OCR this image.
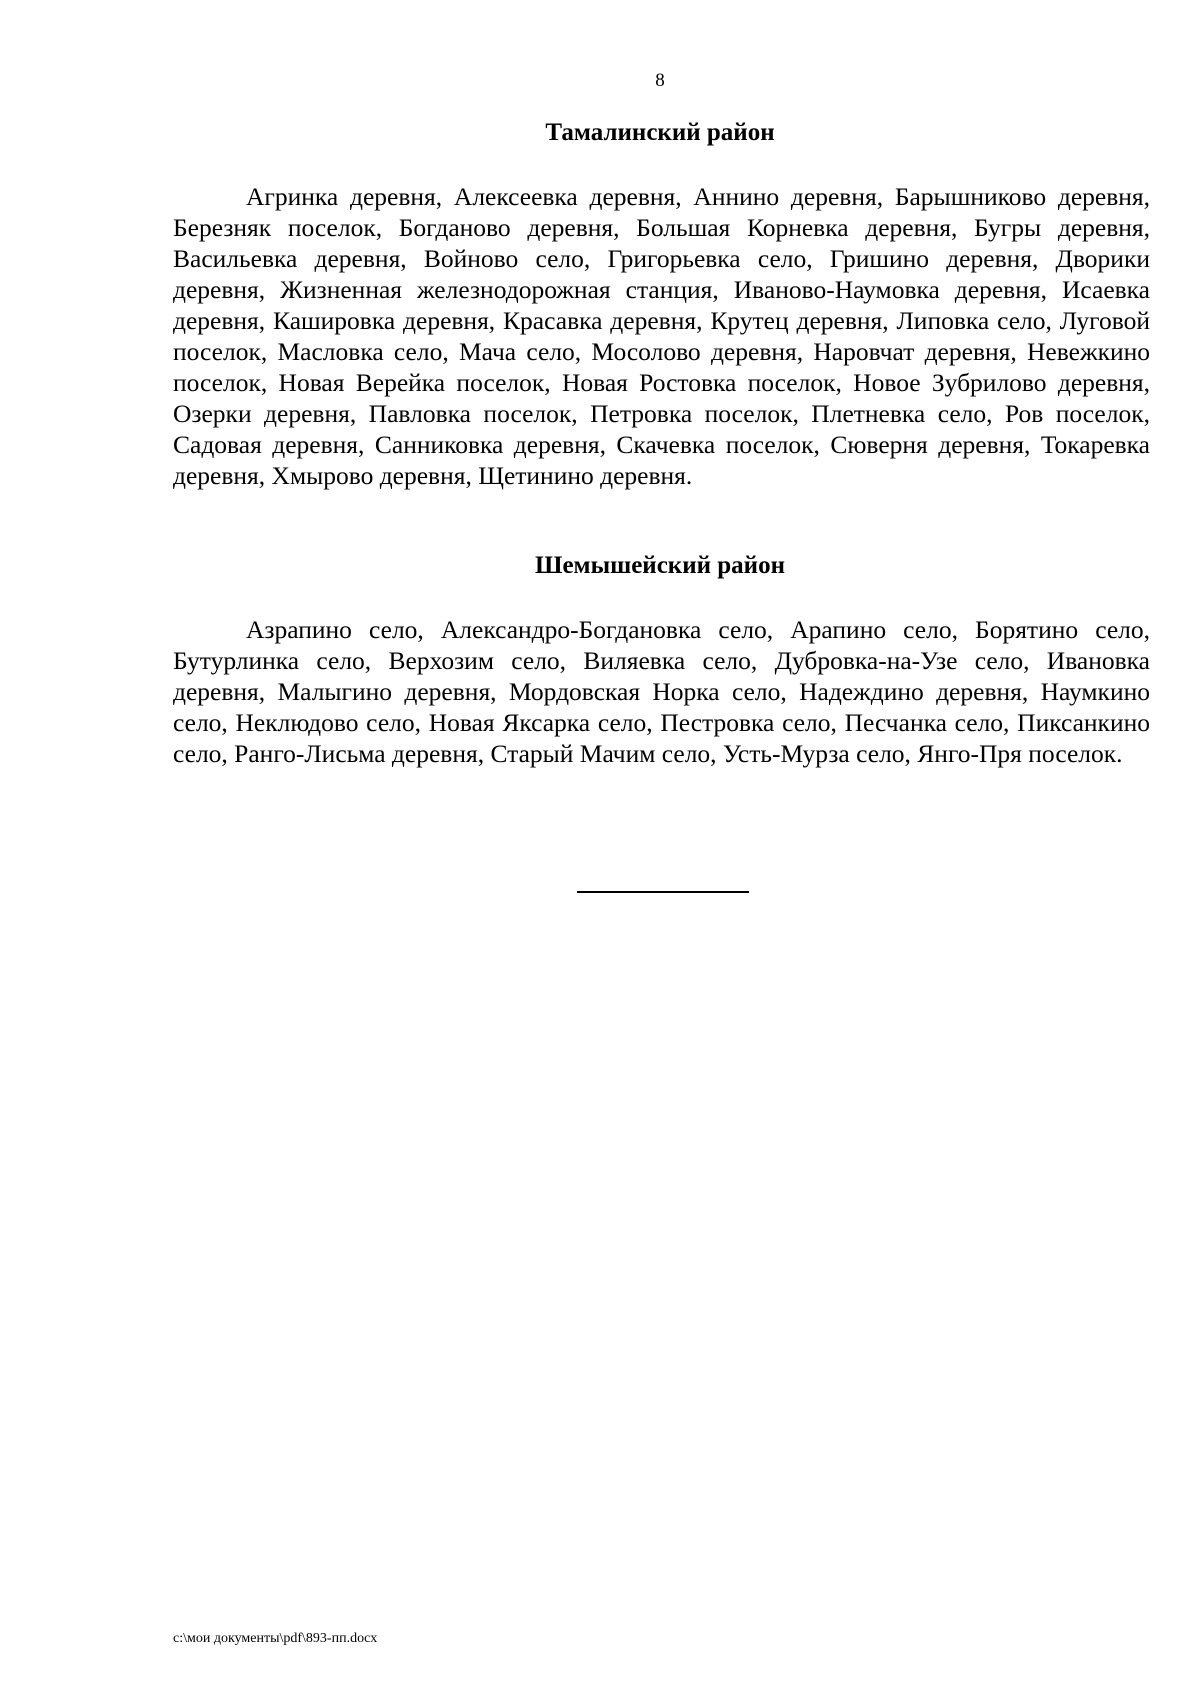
8
Тамалинский район

Агринка деревня, Алексеевка деревня, Аннино деревня, Барышниково деревня, Березняк поселок, Богданово деревня, Большая Корневка деревня, Бугры деревня, Васильевка деревня, Войново село, Григорьевка село, Гришино деревня, Дворики деревня, Жизненная железнодорожная станция, Иваново-Наумовка деревня, Исаевка деревня, Кашировка деревня, Красавка деревня, Крутец деревня, Липовка село, Луговой поселок, Масловка село, Мача село, Мосолово деревня, Наровчат деревня, Невежкино поселок, Новая Верейка поселок, Новая Ростовка поселок, Новое Зубрилово деревня, Озерки деревня, Павловка поселок, Петровка поселок, Плетневка село, Ров поселок, Садовая деревня, Санниковка деревня, Скачевка поселок, Сюверня деревня, Токаревка деревня, Хмырово деревня, Щетинино деревня.

Шемышейский район

Азрапино село, Александро-Богдановка село, Арапино село, Борятино село, Бутурлинка село, Верхозим село, Виляевка село, Дубровка-на-Узе село, Ивановка деревня, Малыгино деревня, Мордовская Норка село, Надеждино деревня, Наумкино село, Неклюдово село, Новая Яксарка село, Пестровка село, Песчанка село, Пиксанкино село, Ранго-Лисьма деревня, Старый Мачим село, Усть-Мурза село, Янго-Пря поселок.

c:\мои документы\pdf\893-пп.docx
